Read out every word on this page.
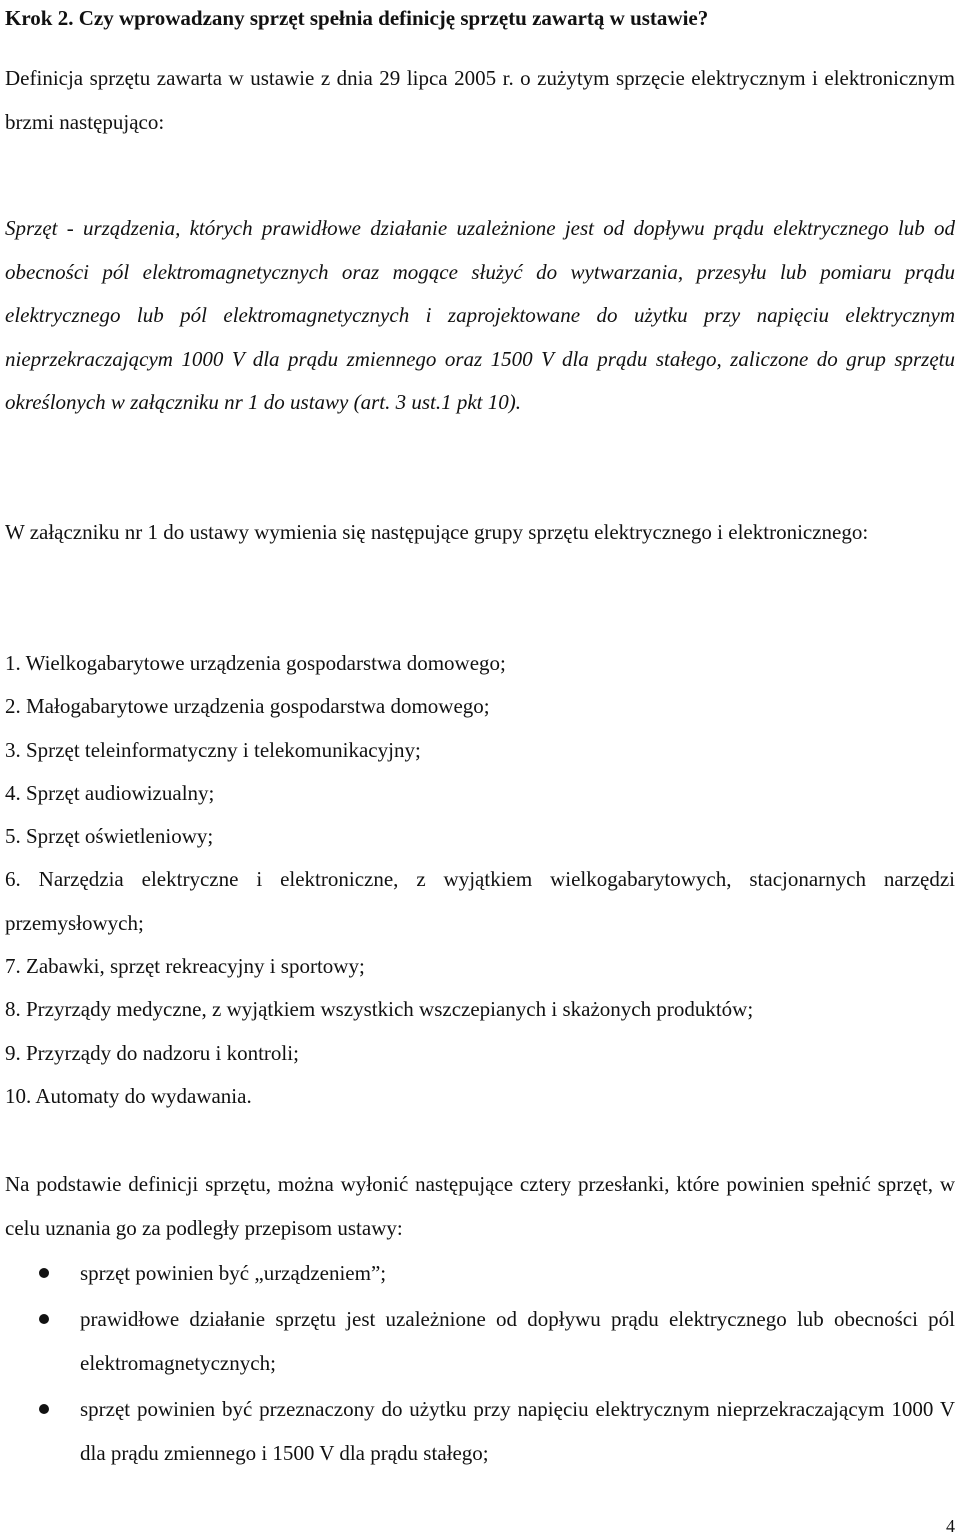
Krok 2. Czy wprowadzany sprzęt spełnia definicję sprzętu zawartą w ustawie?

Definicja sprzętu zawarta w ustawie z dnia 29 lipca 2005 r. o zużytym sprzęcie elektrycznym i elektronicznym brzmi następująco:

Sprzęt - urządzenia, których prawidłowe działanie uzależnione jest od dopływu prądu elektrycznego lub od obecności pól elektromagnetycznych oraz mogące służyć do wytwarzania, przesyłu lub pomiaru prądu elektrycznego lub pól elektromagnetycznych i zaprojektowane do użytku przy napięciu elektrycznym nieprzekraczającym 1000 V dla prądu zmiennego oraz 1500 V dla prądu stałego, zaliczone do grup sprzętu określonych w załączniku nr 1 do ustawy (art. 3 ust.1 pkt 10).

W załączniku nr 1 do ustawy wymienia się następujące grupy sprzętu elektrycznego i elektronicznego:

1. Wielkogabarytowe urządzenia gospodarstwa domowego;
2. Małogabarytowe urządzenia gospodarstwa domowego;
3. Sprzęt teleinformatyczny i telekomunikacyjny;
4. Sprzęt audiowizualny;
5. Sprzęt oświetleniowy;
6. Narzędzia elektryczne i elektroniczne, z wyjątkiem wielkogabarytowych, stacjonarnych narzędzi przemysłowych;
7. Zabawki, sprzęt rekreacyjny i sportowy;
8. Przyrządy medyczne, z wyjątkiem wszystkich wszczepianych i skażonych produktów;
9. Przyrządy do nadzoru i kontroli;
10. Automaty do wydawania.

Na podstawie definicji sprzętu, można wyłonić następujące cztery przesłanki, które powinien spełnić sprzęt, w celu uznania go za podległy przepisom ustawy:

sprzęt powinien być „urządzeniem”;
prawidłowe działanie sprzętu jest uzależnione od dopływu prądu elektrycznego lub obecności pól elektromagnetycznych;
sprzęt powinien być przeznaczony do użytku przy napięciu elektrycznym nieprzekraczającym 1000 V dla prądu zmiennego i 1500 V dla prądu stałego;
4
